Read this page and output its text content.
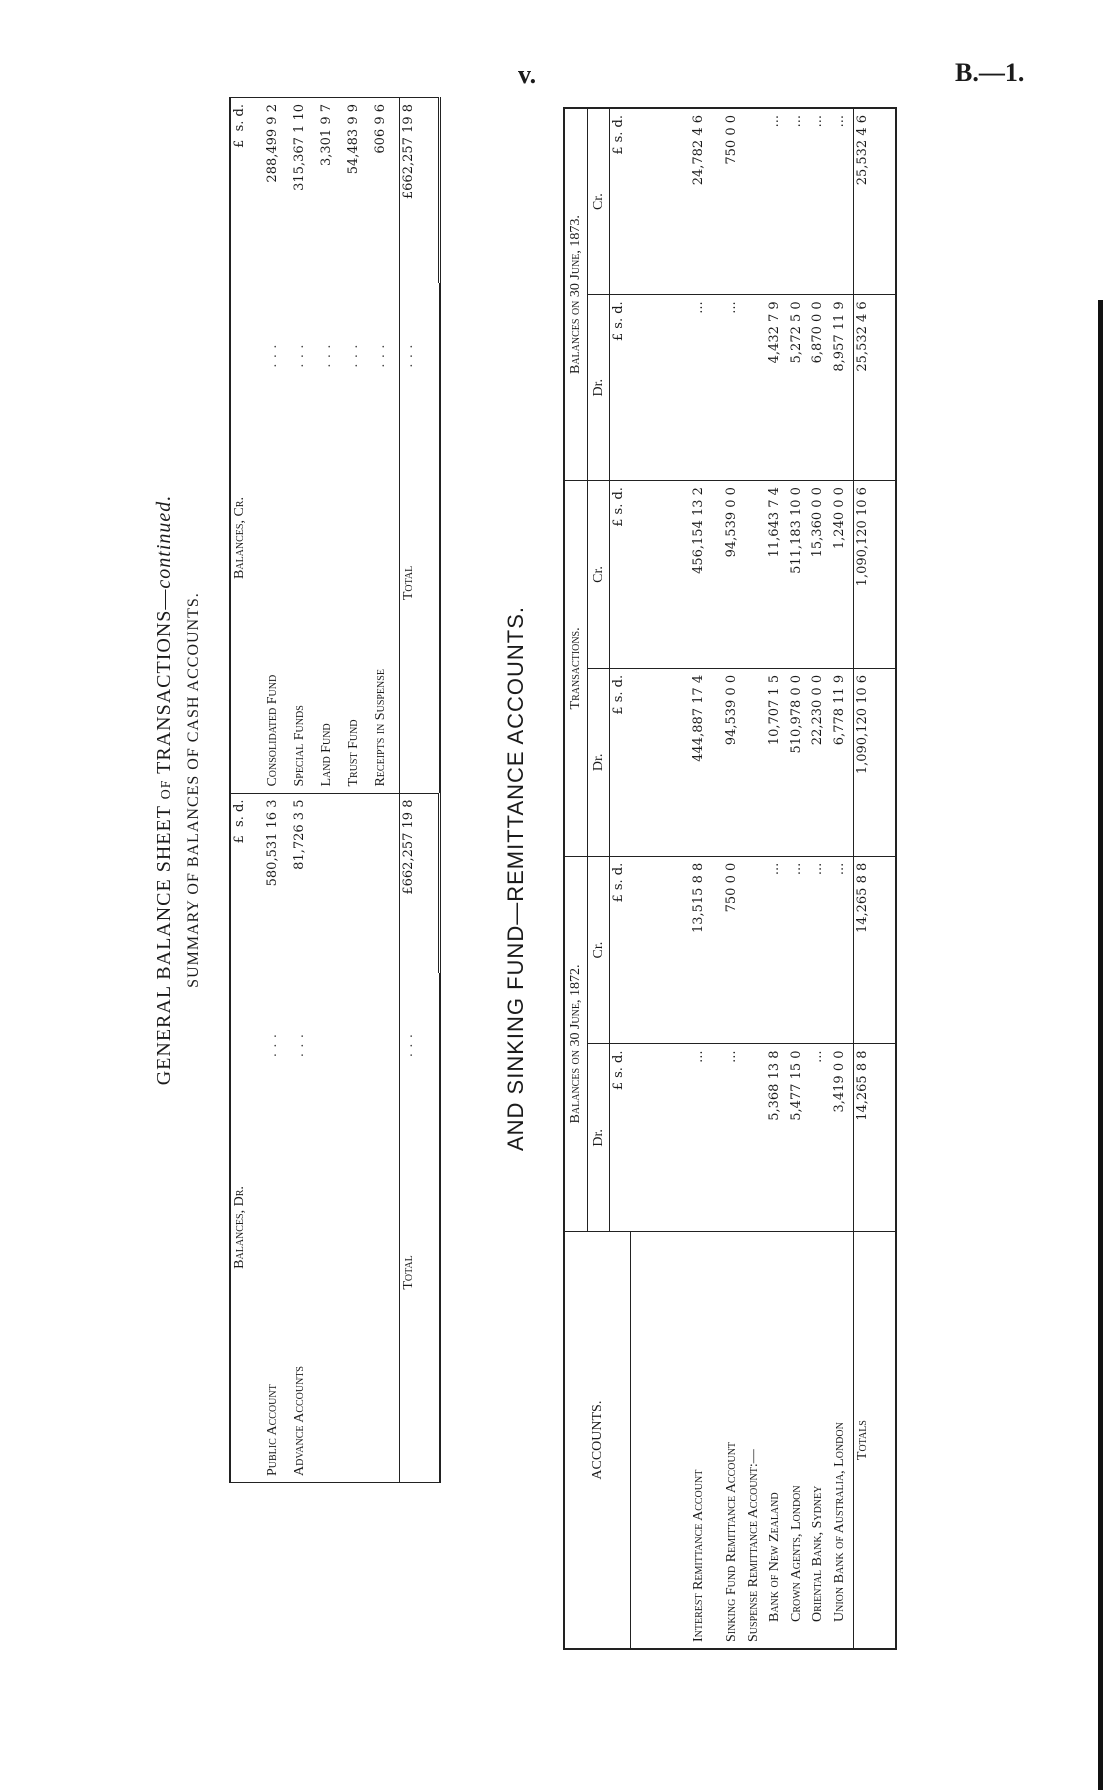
v.	B.—1.
GENERAL BALANCE SHEET of TRANSACTIONS—continued.
SUMMARY OF BALANCES OF CASH ACCOUNTS.
Balances, Dr.		£  s. d.	Balances, Cr.		£  s. d.
Public Account	...	580,531 16 3	Consolidated Fund	...	288,499 9 2
Advance Accounts	...	81,726 3 5	Special Funds	...	315,367 1 10
			Land Fund	...	3,301 9 7
			Trust Fund	...	54,483 9 9
			Receipts in Suspense	...	606 9 6
Total	...	£662,257 19 8	Total	...	£662,257 19 8
AND SINKING FUND—REMITTANCE ACCOUNTS.
ACCOUNTS.	Balances on 30 June, 1872.		Transactions.		Balances on 30 June, 1873.	
	Dr.	Cr.	Dr.	Cr.	Dr.	Cr.
	£ s. d.	£ s. d.	£ s. d.	£ s. d.	£ s. d.	£ s. d.
Interest Remittance Account	...	13,515 8 8	444,887 17 4	456,154 13 2	...	24,782 4 6
Sinking Fund Remittance Account	...	750 0 0	94,539 0 0	94,539 0 0	...	750 0 0
Suspense Remittance Account:—						
Bank of New Zealand	5,368 13 8	...	10,707 1 5	11,643 7 4	4,432 7 9	...
Crown Agents, London	5,477 15 0	...	510,978 0 0	511,183 10 0	5,272 5 0	...
Oriental Bank, Sydney	...	...	22,230 0 0	15,360 0 0	6,870 0 0	...
Union Bank of Australia, London	3,419 0 0	...	6,778 11 9	1,240 0 0	8,957 11 9	...
Totals	14,265 8 8	14,265 8 8	1,090,120 10 6	1,090,120 10 6	25,532 4 6	25,532 4 6
